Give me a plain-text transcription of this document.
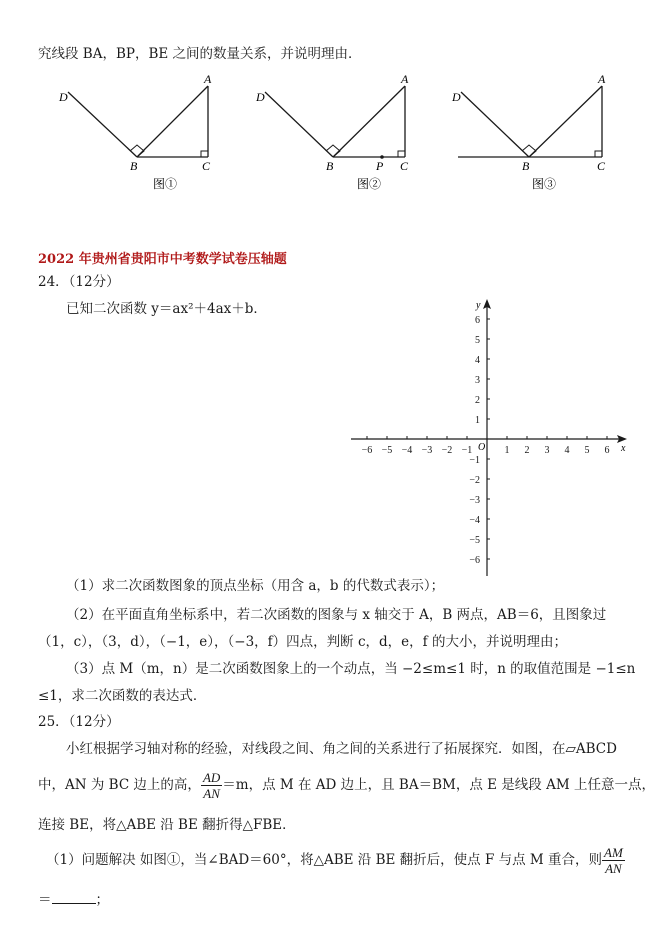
究线段 BA，BP，BE 之间的数量关系，并说明理由．
D
A
B	C
图①
D
A
B	P C
图②
D
A
B	C
图③
2022 年贵州省贵阳市中考数学试卷压轴题
24．（12分）
已知二次函数 y＝ax²＋4ax＋b．
x
y
O
−6 −5 −4 −3 −2 −1	1 2 3 4 5 6
6
5
4
3
2
1
−1
−2
−3
−4
−5
−6
（1）求二次函数图象的顶点坐标（用含 a，b 的代数式表示）；
（2）在平面直角坐标系中，若二次函数的图象与 x 轴交于 A，B 两点，AB＝6，且图象过
（1，c），（3，d），（−1，e），（−3，f）四点，判断 c，d，e，f 的大小，并说明理由；
（3）点 M（m，n）是二次函数图象上的一个动点，当 −2≤m≤1 时，n 的取值范围是 −1≤n
≤1，求二次函数的表达式．
25．（12分）
小红根据学习轴对称的经验，对线段之间、角之间的关系进行了拓展探究．如图，在▱ABCD
中，AN 为 BC 边上的高， $\frac{AD}{AN} =m$，点 M 在 AD 边上，且 BA＝BM，点 E 是线段 AM 上任意一点，
连接 BE，将△ABE 沿 BE 翻折得△FBE．
（1）问题解决 如图①，当∠BAD＝60°，将△ABE 沿 BE 翻折后，使点 F 与点 M 重合，则 $\frac{AM}{AN}$
＝	；
